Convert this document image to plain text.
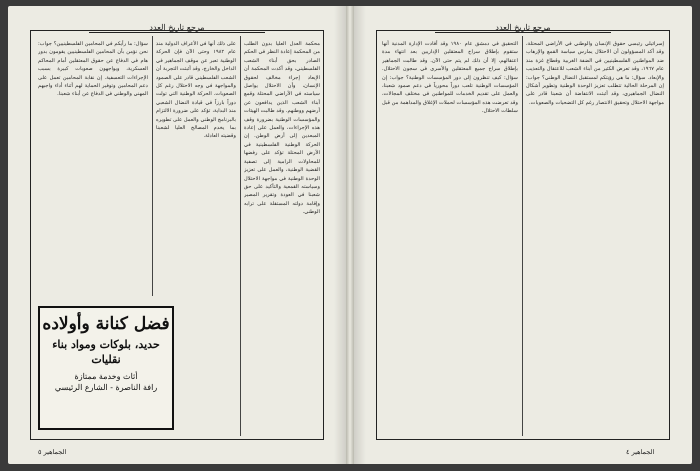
مرجع تاريخ العدد
محكمة العدل العليا بدون الطلب من المحكمة إعادة النظر في الحكم الصادر بحق أبناء الشعب الفلسطيني، وقد أكدت المحكمة أن الإبعاد إجراء مخالف لحقوق الإنسان، وأن الاحتلال يواصل سياسته في الأراضي المحتلة وقمع أبناء الشعب الذين يدافعون عن أرضهم ووطنهم. وقد طالبت الهيئات والمؤسسات الوطنية بضرورة وقف هذه الإجراءات، والعمل على إعادة المبعدين إلى أرض الوطن. إن الحركة الوطنية الفلسطينية في الأرض المحتلة تؤكد على رفضها للمحاولات الرامية إلى تصفية القضية الوطنية، والعمل على تعزيز الوحدة الوطنية في مواجهة الاحتلال وسياسته القمعية والتأكيد على حق شعبنا في العودة وتقرير المصير وإقامة دولته المستقلة على ترابه الوطني.
على ذلك أنها في الأعراف الدولية منذ عام ١٩٨٢ وحتى الآن فإن الحركة الوطنية تعبر عن موقف الجماهير في الداخل والخارج، وقد أثبتت التجربة أن الشعب الفلسطيني قادر على الصمود والمواجهة في وجه الاحتلال رغم كل الصعوبات. الحركة الوطنية التي تولت دوراً بارزاً في قيادة النضال الشعبي منذ البداية، تؤكد على ضرورة الالتزام بالبرنامج الوطني والعمل على تطويره بما يخدم المصالح العليا لشعبنا وقضيته العادلة.
سؤال: ما رأيكم في المحامين الفلسطينيين؟ جواب: نحن نؤمن بأن المحامين الفلسطينيين يقومون بدور هام في الدفاع عن حقوق المعتقلين أمام المحاكم العسكرية، ويواجهون صعوبات كبيرة بسبب الإجراءات التعسفية. إن نقابة المحامين تعمل على دعم المحامين وتوفير الحماية لهم أثناء أداء واجبهم المهني والوطني في الدفاع عن أبناء شعبنا.
فضل كنانة وأولاده
حديد، بلوكات ومواد بناء
نقليات
أثاث وخدمة ممتازة
رافة الناصرة - الشارع الرئيسي
الجماهير ٥
مرجع تاريخ العدد
إسرائيلي رئيسي حقوق الإنسان والوطني في الأراضي المحتلة، وقد أكد المسؤولون أن الاحتلال يمارس سياسة القمع والإرهاب ضد المواطنين الفلسطينيين في الضفة الغربية وقطاع غزة منذ عام ١٩٦٧، وقد تعرض الكثير من أبناء الشعب للاعتقال والتعذيب والإبعاد. سؤال: ما هي رؤيتكم لمستقبل النضال الوطني؟ جواب: إن المرحلة الحالية تتطلب تعزيز الوحدة الوطنية وتطوير أشكال النضال الجماهيري، وقد أثبتت الانتفاضة أن شعبنا قادر على مواجهة الاحتلال وتحقيق الانتصار رغم كل التضحيات والصعوبات.
التحقيق في دمشق عام ١٩٨٠ وقد أفادت الإدارة المدنية أنها ستقوم بإطلاق سراح المعتقلين الإداريين بعد انتهاء مدة اعتقالهم، إلا أن ذلك لم يتم حتى الآن. وقد طالبت الجماهير بإطلاق سراح جميع المعتقلين والأسرى في سجون الاحتلال. سؤال: كيف تنظرون إلى دور المؤسسات الوطنية؟ جواب: إن المؤسسات الوطنية تلعب دوراً محورياً في دعم صمود شعبنا، والعمل على تقديم الخدمات للمواطنين في مختلف المجالات، وقد تعرضت هذه المؤسسات لحملات الإغلاق والمداهمة من قبل سلطات الاحتلال.
الجماهير ٤
